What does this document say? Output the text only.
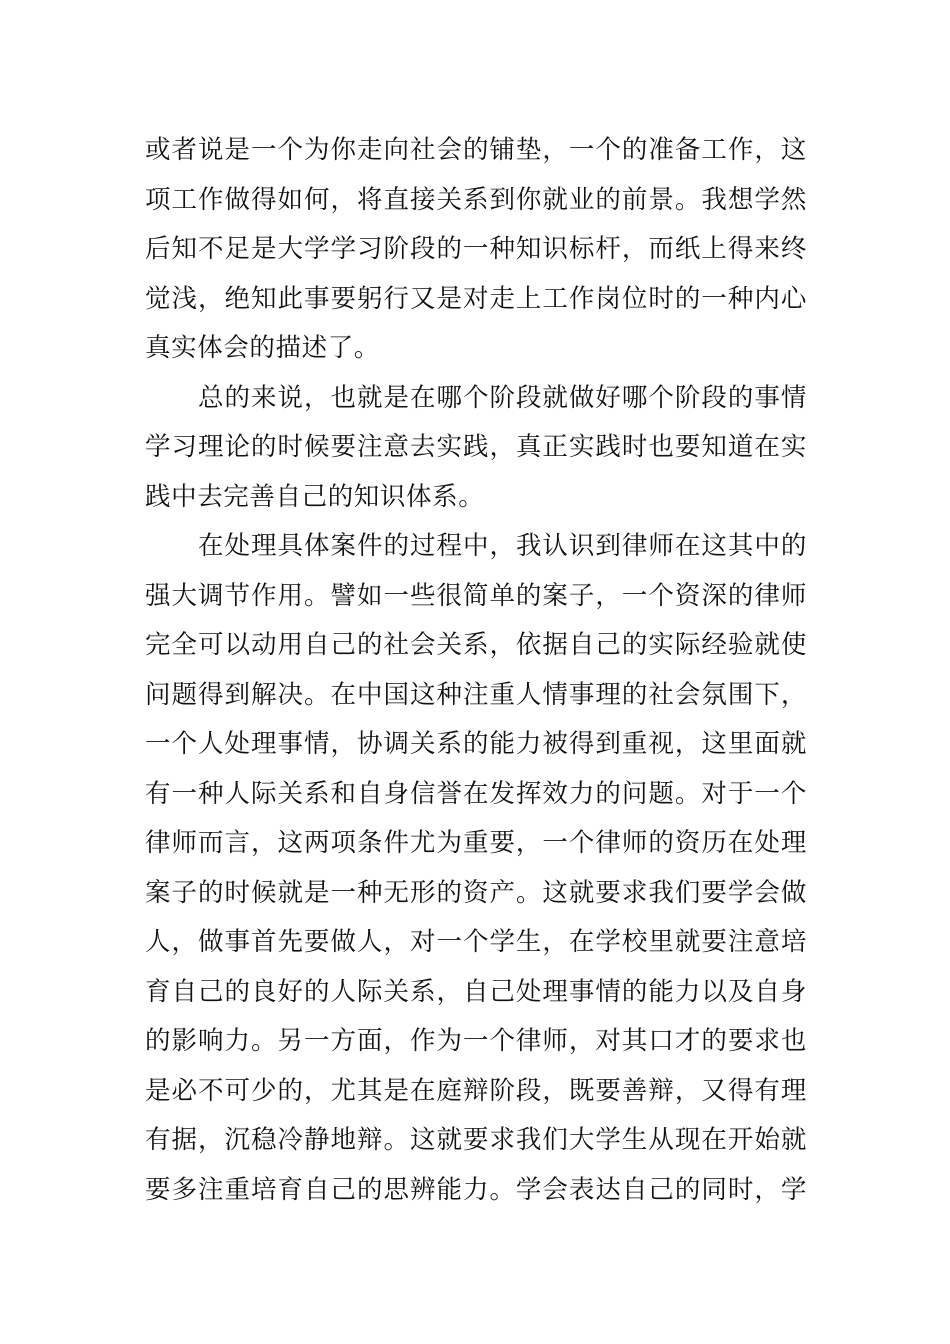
或者说是一个为你走向社会的铺垫，一个的准备工作，这
项工作做得如何，将直接关系到你就业的前景。我想学然
后知不足是大学学习阶段的一种知识标杆，而纸上得来终
觉浅，绝知此事要躬行又是对走上工作岗位时的一种内心
真实体会的描述了。
总的来说，也就是在哪个阶段就做好哪个阶段的事情
学习理论的时候要注意去实践，真正实践时也要知道在实
践中去完善自己的知识体系。
在处理具体案件的过程中，我认识到律师在这其中的
强大调节作用。譬如一些很简单的案子，一个资深的律师
完全可以动用自己的社会关系，依据自己的实际经验就使
问题得到解决。在中国这种注重人情事理的社会氛围下，
一个人处理事情，协调关系的能力被得到重视，这里面就
有一种人际关系和自身信誉在发挥效力的问题。对于一个
律师而言，这两项条件尤为重要，一个律师的资历在处理
案子的时候就是一种无形的资产。这就要求我们要学会做
人，做事首先要做人，对一个学生，在学校里就要注意培
育自己的良好的人际关系，自己处理事情的能力以及自身
的影响力。另一方面，作为一个律师，对其口才的要求也
是必不可少的，尤其是在庭辩阶段，既要善辩，又得有理
有据，沉稳冷静地辩。这就要求我们大学生从现在开始就
要多注重培育自己的思辨能力。学会表达自己的同时，学
